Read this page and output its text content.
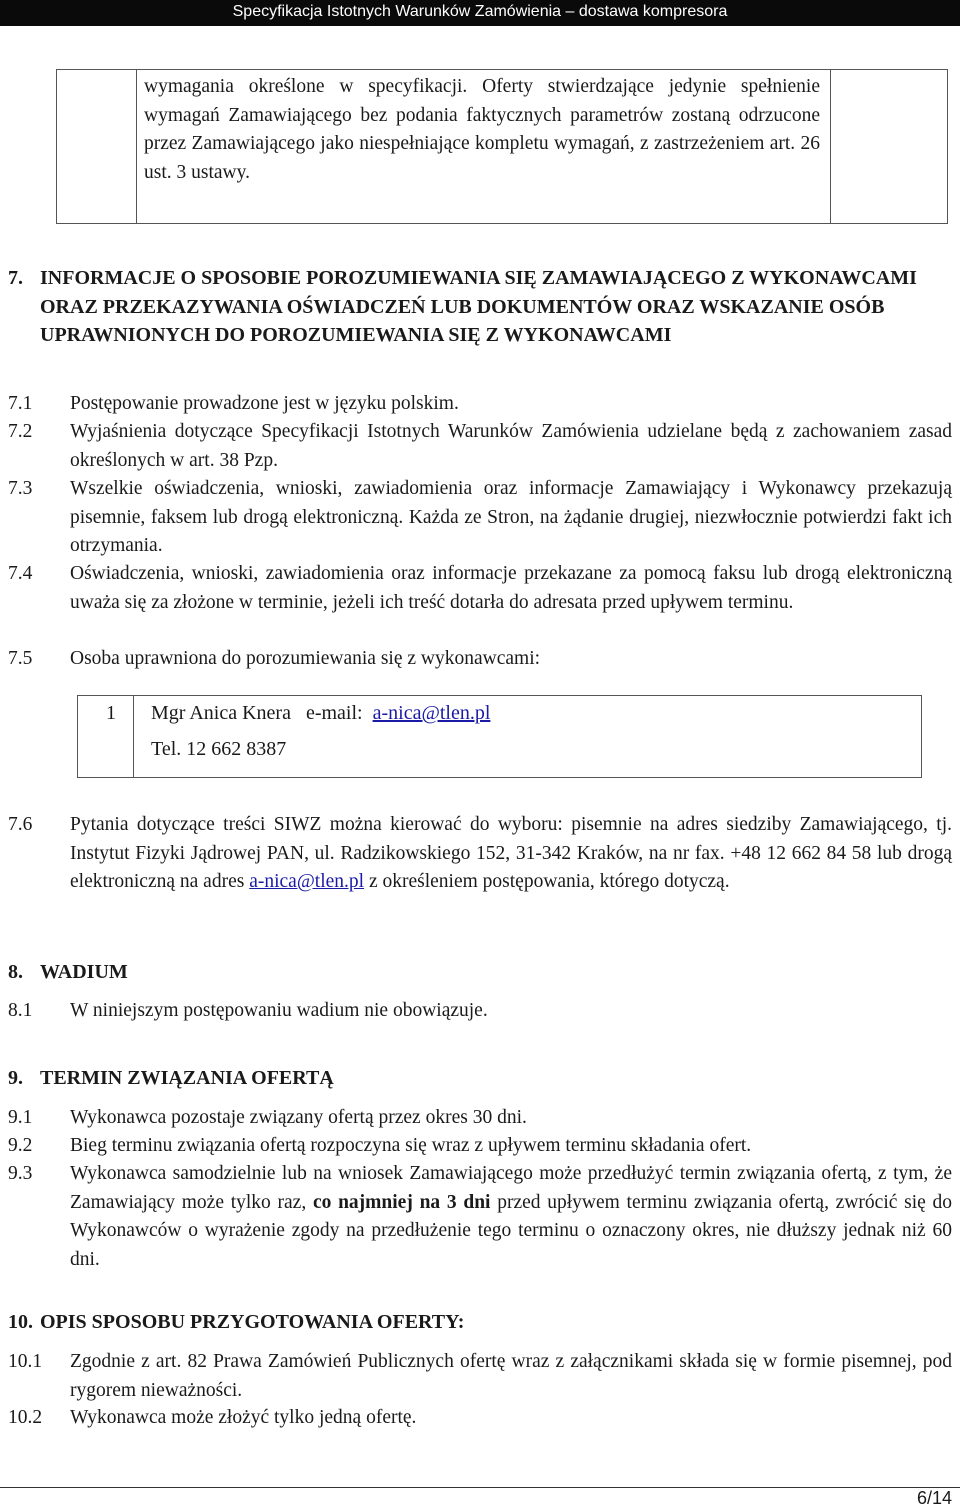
Specyfikacja Istotnych Warunków Zamówienia – dostawa kompresora
wymagania określone w specyfikacji. Oferty stwierdzające jedynie spełnienie wymagań Zamawiającego bez podania faktycznych parametrów zostaną odrzucone przez Zamawiającego jako niespełniające kompletu wymagań, z zastrzeżeniem art. 26 ust. 3 ustawy.
7. INFORMACJE O SPOSOBIE POROZUMIEWANIA SIĘ ZAMAWIAJĄCEGO Z WYKONAWCAMI ORAZ PRZEKAZYWANIA OŚWIADCZEŃ LUB DOKUMENTÓW ORAZ WSKAZANIE OSÓB UPRAWNIONYCH DO POROZUMIEWANIA SIĘ Z WYKONAWCAMI
7.1	Postępowanie prowadzone jest w języku polskim.
7.2	Wyjaśnienia dotyczące Specyfikacji Istotnych Warunków Zamówienia udzielane będą z zachowaniem zasad określonych w art. 38 Pzp.
7.3	Wszelkie oświadczenia, wnioski, zawiadomienia oraz informacje Zamawiający i Wykonawcy przekazują pisemnie, faksem lub drogą elektroniczną. Każda ze Stron, na żądanie drugiej, niezwłocznie potwierdzi fakt ich otrzymania.
7.4	Oświadczenia, wnioski, zawiadomienia oraz informacje przekazane za pomocą faksu lub drogą elektroniczną uważa się za złożone w terminie, jeżeli ich treść dotarła do adresata przed upływem terminu.
7.5	Osoba uprawniona do porozumiewania się z wykonawcami:
1 Mgr Anica Knera e-mail: a-nica@tlen.pl
Tel. 12 662 8387
7.6	Pytania dotyczące treści SIWZ można kierować do wyboru: pisemnie na adres siedziby Zamawiającego, tj. Instytut Fizyki Jądrowej PAN, ul. Radzikowskiego 152, 31-342 Kraków, na nr fax. +48 12 662 84 58 lub drogą elektroniczną na adres a-nica@tlen.pl z określeniem postępowania, którego dotyczą.
8. WADIUM
8.1	W niniejszym postępowaniu wadium nie obowiązuje.
9. TERMIN ZWIĄZANIA OFERTĄ
9.1	Wykonawca pozostaje związany ofertą przez okres 30 dni.
9.2	Bieg terminu związania ofertą rozpoczyna się wraz z upływem terminu składania ofert.
9.3	Wykonawca samodzielnie lub na wniosek Zamawiającego może przedłużyć termin związania ofertą, z tym, że Zamawiający może tylko raz, co najmniej na 3 dni przed upływem terminu związania ofertą, zwrócić się do Wykonawców o wyrażenie zgody na przedłużenie tego terminu o oznaczony okres, nie dłuższy jednak niż 60 dni.
10. OPIS SPOSOBU PRZYGOTOWANIA OFERTY:
10.1	Zgodnie z art. 82 Prawa Zamówień Publicznych ofertę wraz z załącznikami składa się w formie pisemnej, pod rygorem nieważności.
10.2	Wykonawca może złożyć tylko jedną ofertę.
6/14
